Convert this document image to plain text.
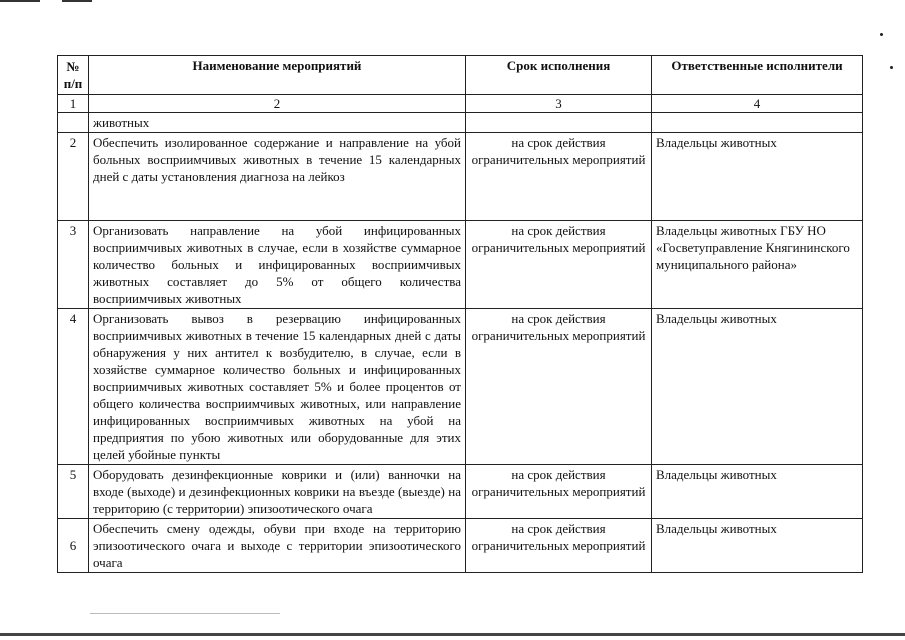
№ п/п	Наименование мероприятий	Срок исполнения	Ответственные исполнители
1	2	3	4
	животных		
2	Обеспечить изолированное содержание и направление на убой больных восприимчивых животных в течение 15 календарных дней с даты установления диагноза на лейкоз	на срок действия ограничительных мероприятий	Владельцы животных
3	Организовать направление на убой инфицированных восприимчивых животных в случае, если в хозяйстве суммарное количество больных и инфицированных восприимчивых животных составляет до 5% от общего количества восприимчивых животных	на срок действия ограничительных мероприятий	Владельцы животных ГБУ НО «Госветуправление Княгининского муниципального района»
4	Организовать вывоз в резервацию инфицированных восприимчивых животных в течение 15 календарных дней с даты обнаружения у них антител к возбудителю, в случае, если в хозяйстве суммарное количество больных и инфицированных восприимчивых животных составляет 5% и более процентов от общего количества восприимчивых животных, или направление инфицированных восприимчивых животных на убой на предприятия по убою животных или оборудованные для этих целей убойные пункты	на срок действия ограничительных мероприятий	Владельцы животных
5	Оборудовать дезинфекционные коврики и (или) ванночки на входе (выходе) и дезинфекционных коврики на въезде (выезде) на территорию (с территории) эпизоотического очага	на срок действия ограничительных мероприятий	Владельцы животных
6	Обеспечить смену одежды, обуви при входе на территорию эпизоотического очага и выходе с территории эпизоотического очага	на срок действия ограничительных мероприятий	Владельцы животных
